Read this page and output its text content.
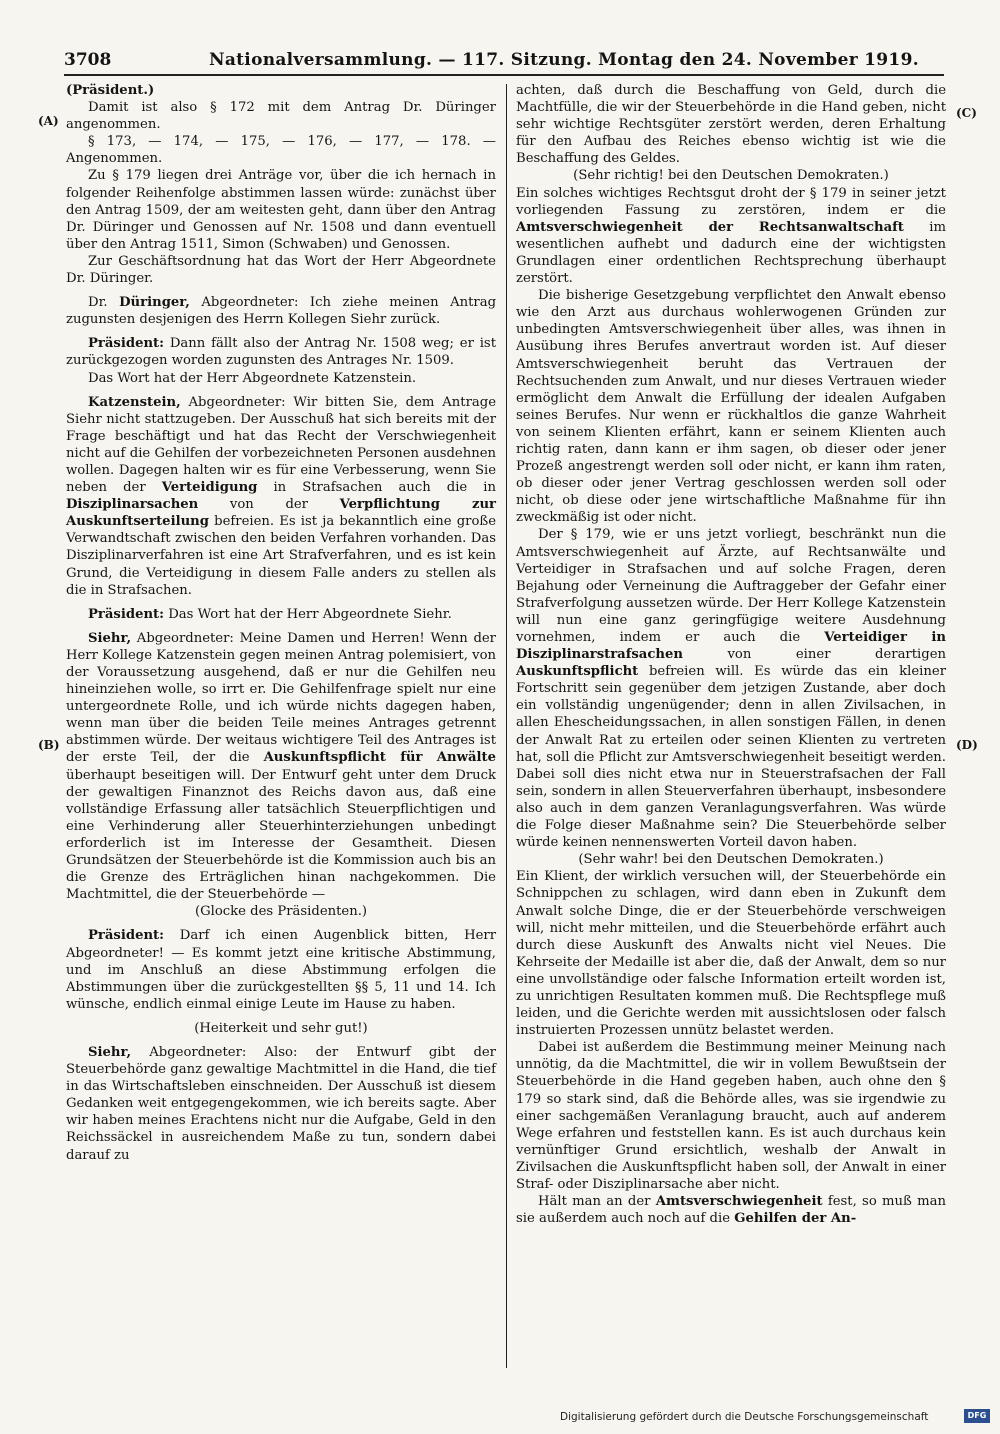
3708	Nationalversammlung. — 117. Sitzung. Montag den 24. November 1919.
(A)
(B)
(C)
(D)

(Präsident.)

Damit ist also § 172 mit dem Antrag Dr. Düringer angenommen.

§ 173, — 174, — 175, — 176, — 177, — 178. — Angenommen.

Zu § 179 liegen drei Anträge vor, über die ich hernach in folgender Reihenfolge abstimmen lassen würde: zunächst über den Antrag 1509, der am weitesten geht, dann über den Antrag Dr. Düringer und Genossen auf Nr. 1508 und dann eventuell über den Antrag 1511, Simon (Schwaben) und Genossen.

Zur Geschäftsordnung hat das Wort der Herr Abgeordnete Dr. Düringer.

Dr. Düringer, Abgeordneter: Ich ziehe meinen Antrag zugunsten desjenigen des Herrn Kollegen Siehr zurück.

Präsident: Dann fällt also der Antrag Nr. 1508 weg; er ist zurückgezogen worden zugunsten des Antrages Nr. 1509.

Das Wort hat der Herr Abgeordnete Katzenstein.

Katzenstein, Abgeordneter: Wir bitten Sie, dem Antrage Siehr nicht stattzugeben. Der Ausschuß hat sich bereits mit der Frage beschäftigt und hat das Recht der Verschwiegenheit nicht auf die Gehilfen der vorbezeichneten Personen ausdehnen wollen. Dagegen halten wir es für eine Verbesserung, wenn Sie neben der Verteidigung in Strafsachen auch die in Disziplinarsachen von der Verpflichtung zur Auskunftserteilung befreien. Es ist ja bekanntlich eine große Verwandtschaft zwischen den beiden Verfahren vorhanden. Das Disziplinarverfahren ist eine Art Strafverfahren, und es ist kein Grund, die Verteidigung in diesem Falle anders zu stellen als die in Strafsachen.

Präsident: Das Wort hat der Herr Abgeordnete Siehr.

Siehr, Abgeordneter: Meine Damen und Herren! Wenn der Herr Kollege Katzenstein gegen meinen Antrag polemisiert, von der Voraussetzung ausgehend, daß er nur die Gehilfen neu hineinziehen wolle, so irrt er. Die Gehilfenfrage spielt nur eine untergeordnete Rolle, und ich würde nichts dagegen haben, wenn man über die beiden Teile meines Antrages getrennt abstimmen würde. Der weitaus wichtigere Teil des Antrages ist der erste Teil, der die Auskunftspflicht für Anwälte überhaupt beseitigen will. Der Entwurf geht unter dem Druck der gewaltigen Finanznot des Reichs davon aus, daß eine vollständige Erfassung aller tatsächlich Steuerpflichtigen und eine Verhinderung aller Steuerhinterziehungen unbedingt erforderlich ist im Interesse der Gesamtheit. Diesen Grundsätzen der Steuerbehörde ist die Kommission auch bis an die Grenze des Erträglichen hinan nachgekommen. Die Machtmittel, die der Steuerbehörde —

(Glocke des Präsidenten.)

Präsident: Darf ich einen Augenblick bitten, Herr Abgeordneter! — Es kommt jetzt eine kritische Abstimmung, und im Anschluß an diese Abstimmung erfolgen die Abstimmungen über die zurückgestellten §§ 5, 11 und 14. Ich wünsche, endlich einmal einige Leute im Hause zu haben.

(Heiterkeit und sehr gut!)

Siehr, Abgeordneter: Also: der Entwurf gibt der Steuerbehörde ganz gewaltige Machtmittel in die Hand, die tief in das Wirtschaftsleben einschneiden. Der Ausschuß ist diesem Gedanken weit entgegengekommen, wie ich bereits sagte. Aber wir haben meines Erachtens nicht nur die Aufgabe, Geld in den Reichssäckel in ausreichendem Maße zu tun, sondern dabei darauf zu

achten, daß durch die Beschaffung von Geld, durch die Machtfülle, die wir der Steuerbehörde in die Hand geben, nicht sehr wichtige Rechtsgüter zerstört werden, deren Erhaltung für den Aufbau des Reiches ebenso wichtig ist wie die Beschaffung des Geldes.

(Sehr richtig! bei den Deutschen Demokraten.)

Ein solches wichtiges Rechtsgut droht der § 179 in seiner jetzt vorliegenden Fassung zu zerstören, indem er die Amtsverschwiegenheit der Rechtsanwaltschaft im wesentlichen aufhebt und dadurch eine der wichtigsten Grundlagen einer ordentlichen Rechtsprechung überhaupt zerstört.

Die bisherige Gesetzgebung verpflichtet den Anwalt ebenso wie den Arzt aus durchaus wohlerwogenen Gründen zur unbedingten Amtsverschwiegenheit über alles, was ihnen in Ausübung ihres Berufes anvertraut worden ist. Auf dieser Amtsverschwiegenheit beruht das Vertrauen der Rechtsuchenden zum Anwalt, und nur dieses Vertrauen wieder ermöglicht dem Anwalt die Erfüllung der idealen Aufgaben seines Berufes. Nur wenn er rückhaltlos die ganze Wahrheit von seinem Klienten erfährt, kann er seinem Klienten auch richtig raten, dann kann er ihm sagen, ob dieser oder jener Prozeß angestrengt werden soll oder nicht, er kann ihm raten, ob dieser oder jener Vertrag geschlossen werden soll oder nicht, ob diese oder jene wirtschaftliche Maßnahme für ihn zweckmäßig ist oder nicht.

Der § 179, wie er uns jetzt vorliegt, beschränkt nun die Amtsverschwiegenheit auf Ärzte, auf Rechtsanwälte und Verteidiger in Strafsachen und auf solche Fragen, deren Bejahung oder Verneinung die Auftraggeber der Gefahr einer Strafverfolgung aussetzen würde. Der Herr Kollege Katzenstein will nun eine ganz geringfügige weitere Ausdehnung vornehmen, indem er auch die Verteidiger in Disziplinarstrafsachen von einer derartigen Auskunftspflicht befreien will. Es würde das ein kleiner Fortschritt sein gegenüber dem jetzigen Zustande, aber doch ein vollständig ungenügender; denn in allen Zivilsachen, in allen Ehescheidungssachen, in allen sonstigen Fällen, in denen der Anwalt Rat zu erteilen oder seinen Klienten zu vertreten hat, soll die Pflicht zur Amtsverschwiegenheit beseitigt werden. Dabei soll dies nicht etwa nur in Steuerstrafsachen der Fall sein, sondern in allen Steuerverfahren überhaupt, insbesondere also auch in dem ganzen Veranlagungsverfahren. Was würde die Folge dieser Maßnahme sein? Die Steuerbehörde selber würde keinen nennenswerten Vorteil davon haben.

(Sehr wahr! bei den Deutschen Demokraten.)

Ein Klient, der wirklich versuchen will, der Steuerbehörde ein Schnippchen zu schlagen, wird dann eben in Zukunft dem Anwalt solche Dinge, die er der Steuerbehörde verschweigen will, nicht mehr mitteilen, und die Steuerbehörde erfährt auch durch diese Auskunft des Anwalts nicht viel Neues. Die Kehrseite der Medaille ist aber die, daß der Anwalt, dem so nur eine unvollständige oder falsche Information erteilt worden ist, zu unrichtigen Resultaten kommen muß. Die Rechtspflege muß leiden, und die Gerichte werden mit aussichtslosen oder falsch instruierten Prozessen unnütz belastet werden.

Dabei ist außerdem die Bestimmung meiner Meinung nach unnötig, da die Machtmittel, die wir in vollem Bewußtsein der Steuerbehörde in die Hand gegeben haben, auch ohne den § 179 so stark sind, daß die Behörde alles, was sie irgendwie zu einer sachgemäßen Veranlagung braucht, auch auf anderem Wege erfahren und feststellen kann. Es ist auch durchaus kein vernünftiger Grund ersichtlich, weshalb der Anwalt in Zivilsachen die Auskunftspflicht haben soll, der Anwalt in einer Straf- oder Disziplinarsache aber nicht.

Hält man an der Amtsverschwiegenheit fest, so muß man sie außerdem auch noch auf die Gehilfen der An-

Digitalisierung gefördert durch die Deutsche Forschungsgemeinschaft	DFG
